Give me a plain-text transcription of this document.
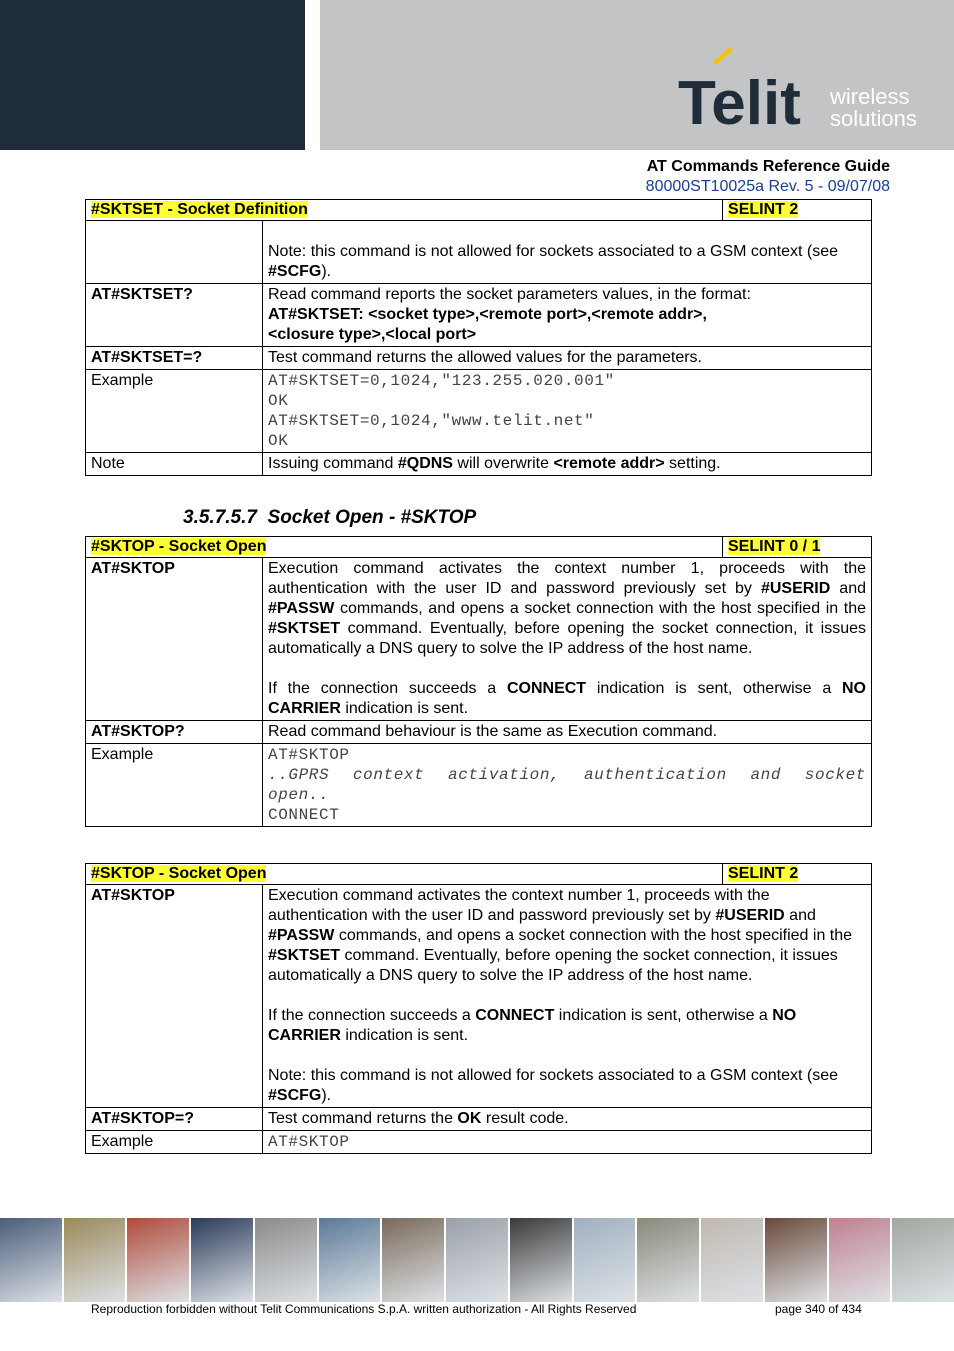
Telit wireless
solutions
AT Commands Reference Guide
80000ST10025a Rev. 5 - 09/07/08
#SKTSET - Socket Definition		SELINT 2
	Note: this command is not allowed for sockets associated to a GSM context (see #SCFG).	
AT#SKTSET?	Read command reports the socket parameters values, in the format:
AT#SKTSET: <socket type>,<remote port>,<remote addr>,
<closure type>,<local port>	

AT#SKTSET=?	Test command returns the allowed values for the parameters.	
Example	AT#SKTSET=0,1024,"123.255.020.001"
OK
AT#SKTSET=0,1024,"www.telit.net"
OK	

Note	Issuing command #QDNS will overwrite <remote addr> setting.	
3.5.7.5.7 Socket Open - #SKTOP
#SKTOP - Socket Open		SELINT 0 / 1
AT#SKTOP	Execution command activates the context number 1, proceeds with the authentication with the user ID and password previously set by #USERID and #PASSW commands, and opens a socket connection with the host specified in the #SKTSET command. Eventually, before opening the socket connection, it issues automatically a DNS query to solve the IP address of the host name.
If the connection succeeds a CONNECT indication is sent, otherwise a NO CARRIER indication is sent.	

AT#SKTOP?	Read command behaviour is the same as Execution command.	
Example	AT#SKTOP
..GPRS context activation, authentication and socket open..
CONNECT	
#SKTOP - Socket Open		SELINT 2
AT#SKTOP	Execution command activates the context number 1, proceeds with the authentication with the user ID and password previously set by #USERID and #PASSW commands, and opens a socket connection with the host specified in the #SKTSET command. Eventually, before opening the socket connection, it issues automatically a DNS query to solve the IP address of the host name.
If the connection succeeds a CONNECT indication is sent, otherwise a NO CARRIER indication is sent.
Note: this command is not allowed for sockets associated to a GSM context (see #SCFG).	

AT#SKTOP=?	Test command returns the OK result code.	
Example	AT#SKTOP	
Reproduction forbidden without Telit Communications S.p.A. written authorization - All Rights Reserved	page 340 of 434
